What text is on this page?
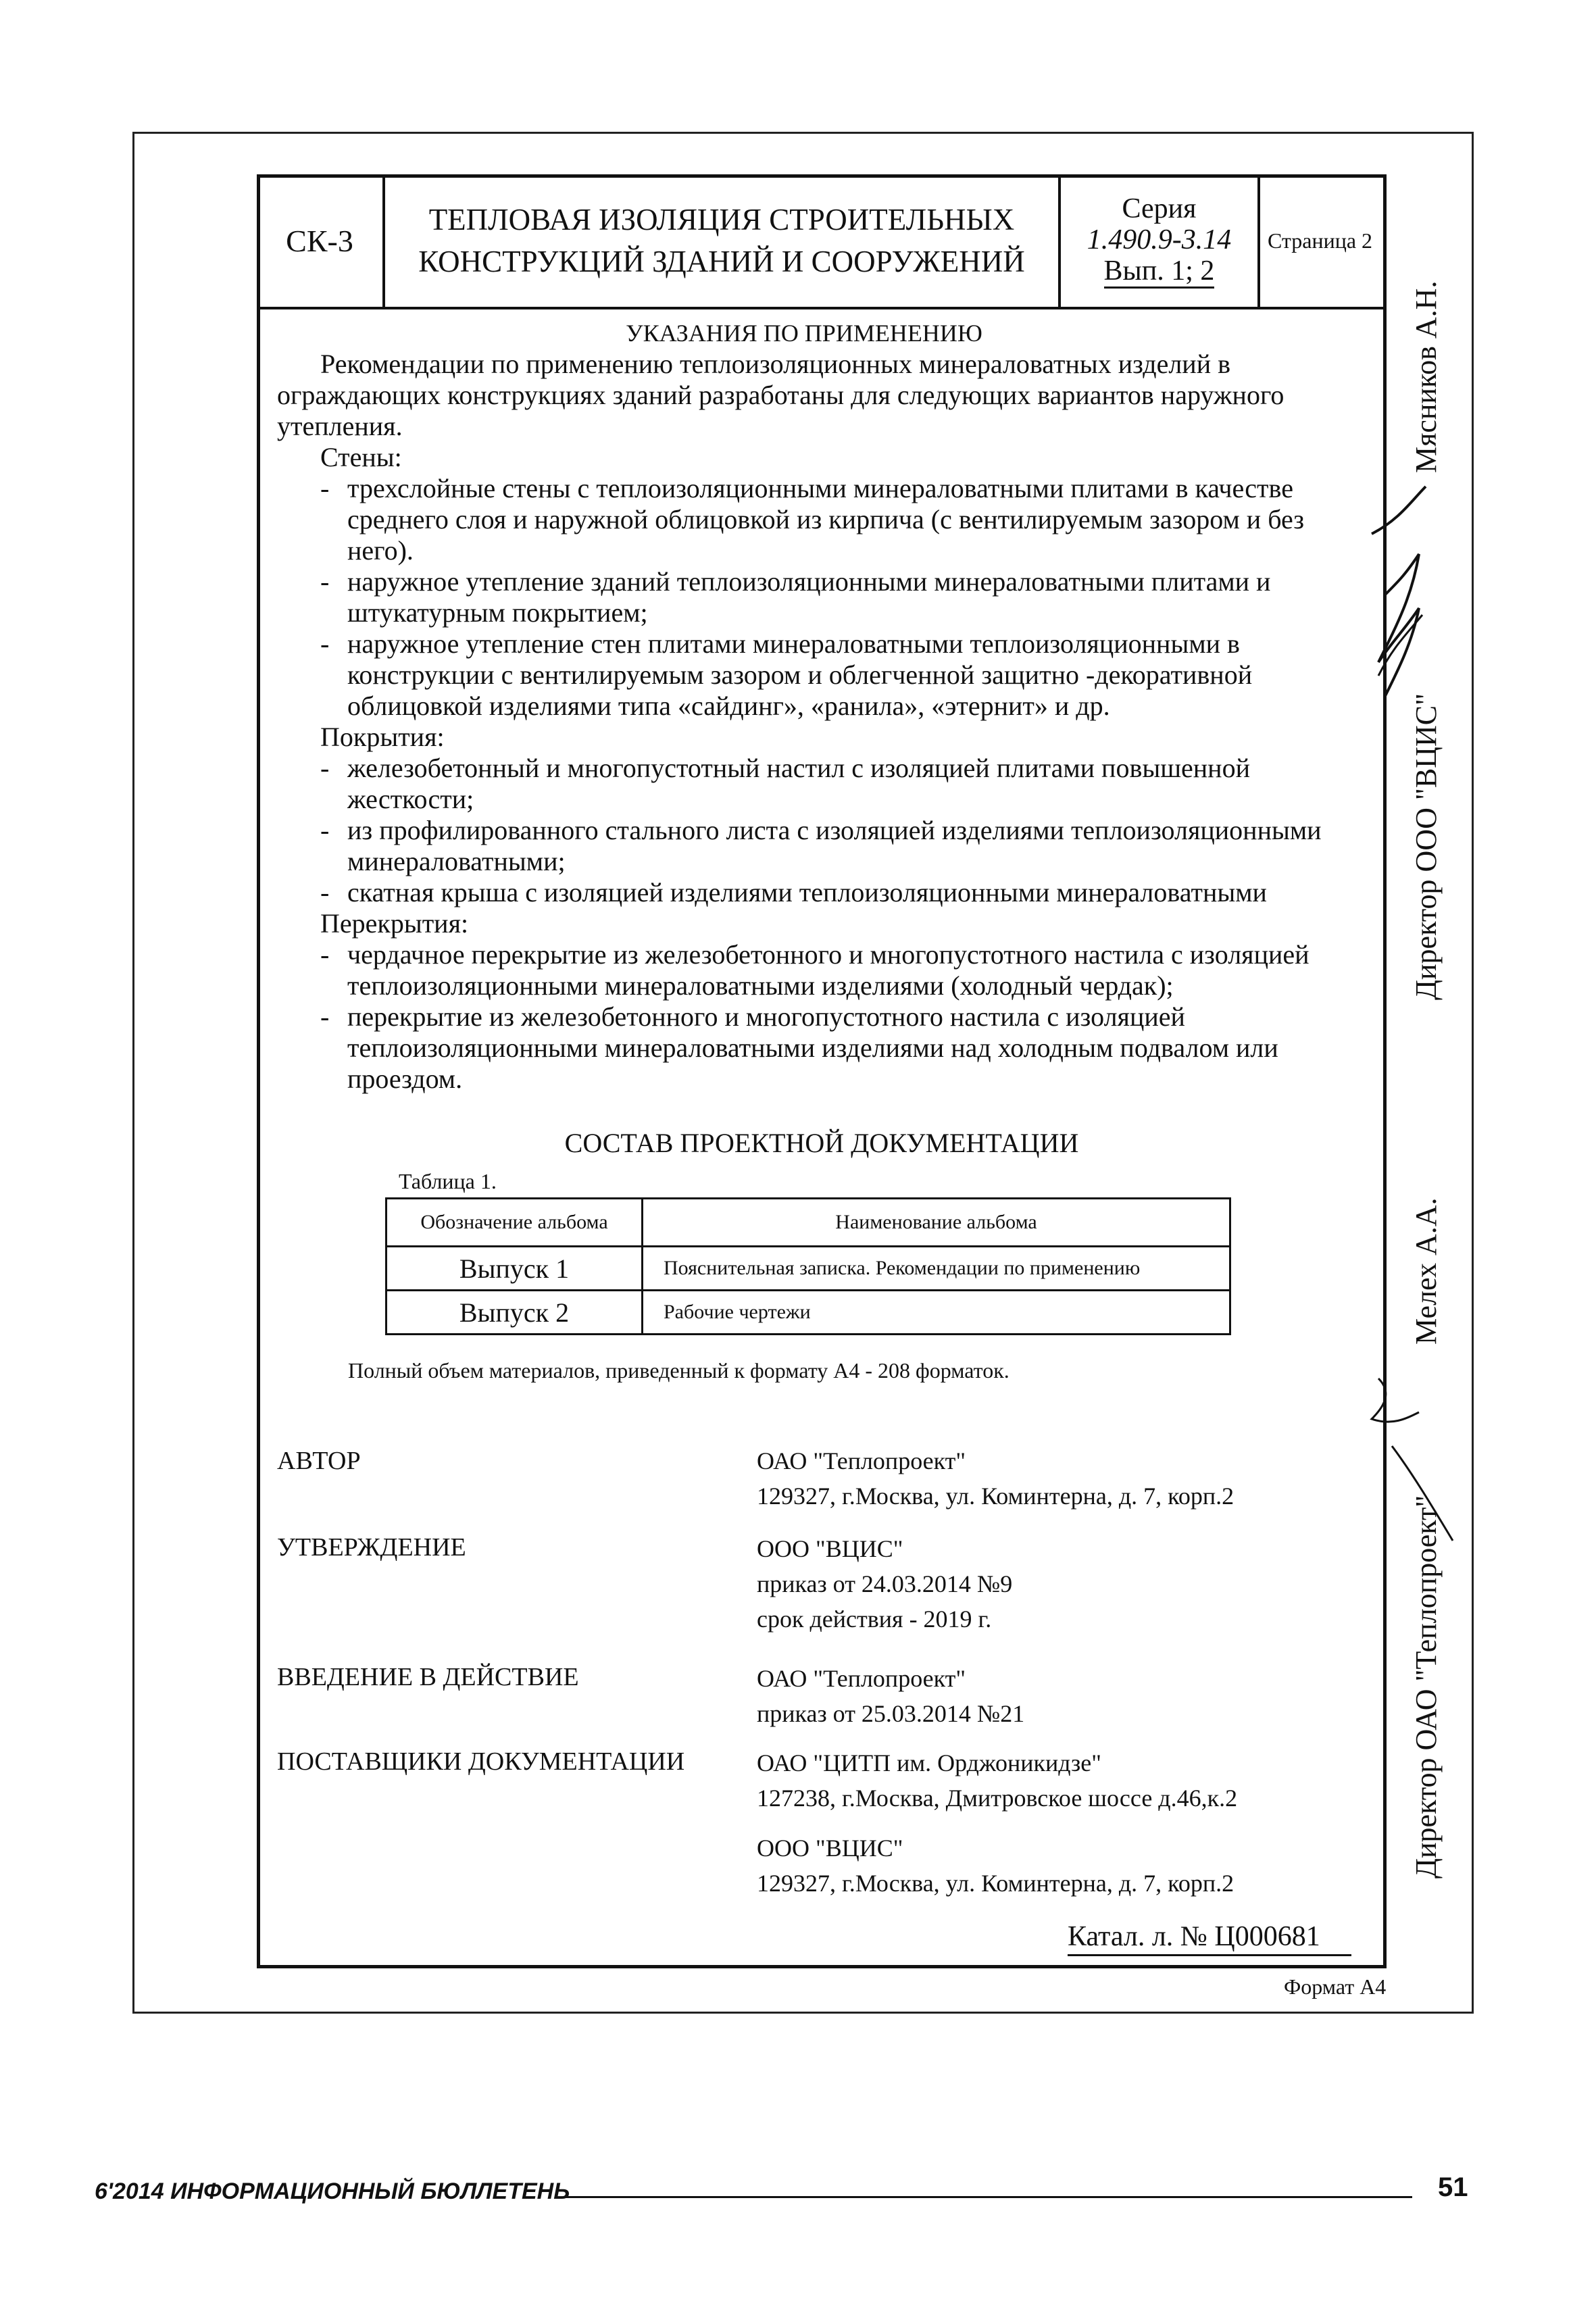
СК-3
ТЕПЛОВАЯ ИЗОЛЯЦИЯ СТРОИТЕЛЬНЫХ
КОНСТРУКЦИЙ ЗДАНИЙ И СООРУЖЕНИЙ
Серия
1.490.9-3.14
Вып. 1; 2
Страница 2

УКАЗАНИЯ ПО ПРИМЕНЕНИЮ

Рекомендации по применению теплоизоляционных минераловатных изделий в ограждающих конструкциях зданий разработаны для следующих вариантов наружного утепления.

Стены:

- трехслойные стены с теплоизоляционными минераловатными плитами в качестве среднего слоя и наружной облицовкой из кирпича (с вентилируемым зазором и без него).
- наружное утепление зданий теплоизоляционными минераловатными плитами и штукатурным покрытием;
- наружное утепление стен плитами минераловатными теплоизоляционными в конструкции с вентилируемым зазором и облегченной защитно -декоративной облицовкой изделиями типа «сайдинг», «ранила», «этернит» и др.

Покрытия:

- железобетонный и многопустотный настил с изоляцией плитами повышенной жесткости;
- из профилированного стального листа с изоляцией изделиями теплоизоляционными минераловатными;
- скатная крыша с изоляцией изделиями теплоизоляционными минераловатными

Перекрытия:

- чердачное перекрытие из железобетонного и многопустотного настила с изоляцией теплоизоляционными минераловатными изделиями (холодный чердак);
- перекрытие из железобетонного и многопустотного настила с изоляцией теплоизоляционными минераловатными изделиями над холодным подвалом или проездом.
СОСТАВ ПРОЕКТНОЙ ДОКУМЕНТАЦИИ
Таблица 1.
Обозначение альбома	Наименование альбома
Выпуск 1	Пояснительная записка. Рекомендации по применению
Выпуск 2	Рабочие чертежи
Полный объем материалов, приведенный к формату А4 - 208 форматок.
АВТОР	ОАО "Теплопроект"
129327, г.Москва, ул. Коминтерна, д. 7, корп.2
УТВЕРЖДЕНИЕ	ООО "ВЦИС"
приказ от 24.03.2014 №9
срок действия - 2019 г.
ВВЕДЕНИЕ В ДЕЙСТВИЕ	ОАО "Теплопроект"
приказ от 25.03.2014 №21
ПОСТАВЩИКИ ДОКУМЕНТАЦИИ	ОАО "ЦИТП им. Орджоникидзе"
127238, г.Москва, Дмитровское шоссе д.46,к.2
ООО "ВЦИС"
129327, г.Москва, ул. Коминтерна, д. 7, корп.2
Катал. л. № Ц000681
Формат А4
Мясников А.Н.
Директор ООО "ВЦИС"
Мелех А.А.
Директор ОАО "Теплопроект"
6'2014 ИНФОРМАЦИОННЫЙ БЮЛЛЕТЕНЬ	51
